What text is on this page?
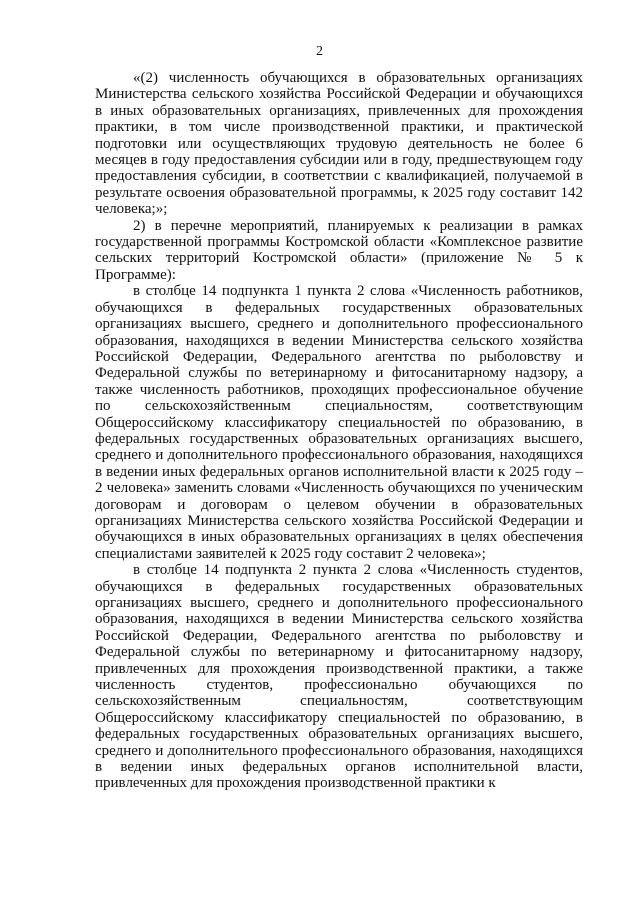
2

«(2) численность обучающихся в образовательных организациях Министерства сельского хозяйства Российской Федерации и обучающихся в иных образовательных организациях, привлеченных для прохождения практики, в том числе производственной практики, и практической подготовки или осуществляющих трудовую деятельность не более 6 месяцев в году предоставления субсидии или в году, предшествующем году предоставления субсидии, в соответствии с квалификацией, получаемой в результате освоения образовательной программы, к 2025 году составит 142 человека;»;

2) в перечне мероприятий, планируемых к реализации в рамках государственной программы Костромской области «Комплексное развитие сельских территорий Костромской области» (приложение № 5 к Программе):

в столбце 14 подпункта 1 пункта 2 слова «Численность работников, обучающихся в федеральных государственных образовательных организациях высшего, среднего и дополнительного профессионального образования, находящихся в ведении Министерства сельского хозяйства Российской Федерации, Федерального агентства по рыболовству и Федеральной службы по ветеринарному и фитосанитарному надзору, а также численность работников, проходящих профессиональное обучение по сельскохозяйственным специальностям, соответствующим Общероссийскому классификатору специальностей по образованию, в федеральных государственных образовательных организациях высшего, среднего и дополнительного профессионального образования, находящихся в ведении иных федеральных органов исполнительной власти к 2025 году – 2 человека» заменить словами «Численность обучающихся по ученическим договорам и договорам о целевом обучении в образовательных организациях Министерства сельского хозяйства Российской Федерации и обучающихся в иных образовательных организациях в целях обеспечения специалистами заявителей к 2025 году составит 2 человека»;

в столбце 14 подпункта 2 пункта 2 слова «Численность студентов, обучающихся в федеральных государственных образовательных организациях высшего, среднего и дополнительного профессионального образования, находящихся в ведении Министерства сельского хозяйства Российской Федерации, Федерального агентства по рыболовству и Федеральной службы по ветеринарному и фитосанитарному надзору, привлеченных для прохождения производственной практики, а также численность студентов, профессионально обучающихся по сельскохозяйственным специальностям, соответствующим Общероссийскому классификатору специальностей по образованию, в федеральных государственных образовательных организациях высшего, среднего и дополнительного профессионального образования, находящихся в ведении иных федеральных органов исполнительной власти, привлеченных для прохождения производственной практики к
